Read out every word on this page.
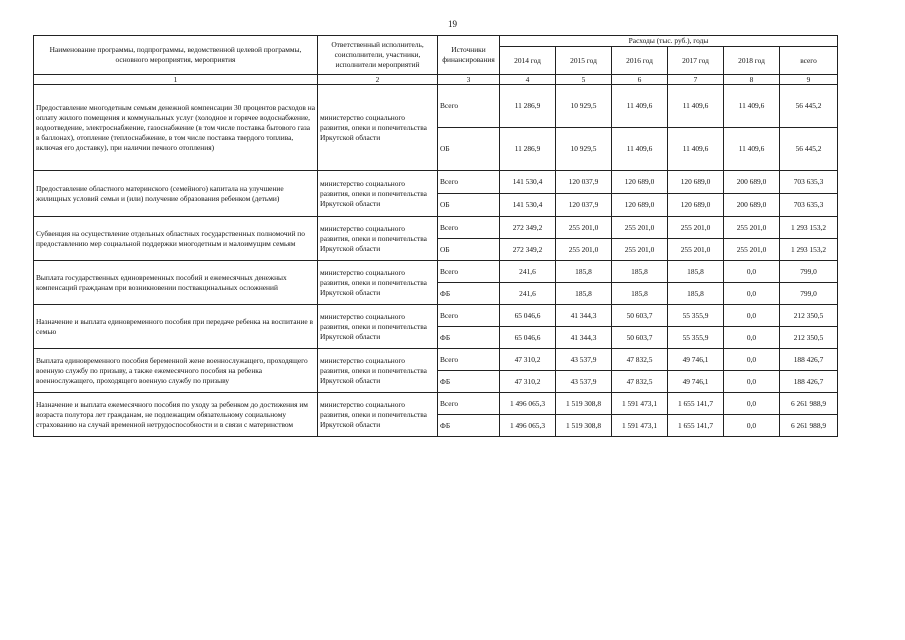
19
Наименование программы, подпрограммы, ведомственной целевой программы, основного мероприятия, мероприятия	Ответственный исполнитель, соисполнители, участники, исполнители мероприятий	Источники финансирования	Расходы (тыс. руб.), годы					
			2014 год	2015 год	2016 год	2017 год	2018 год	всего
1	2	3	4	5	6	7	8	9
Предоставление многодетным семьям денежной компенсации 30 процентов расходов на оплату жилого помещения и коммунальных услуг (холодное и горячее водоснабжение, водоотведение, электроснабжение, газоснабжение (в том числе поставка бытового газа в баллонах), отопление (теплоснабжение, в том числе поставка твердого топлива, включая его доставку), при наличии печного отопления)	министерство социального развития, опеки и попечительства Иркутской области	Всего	11 286,9	10 929,5	11 409,6	11 409,6	11 409,6	56 445,2
		ОБ	11 286,9	10 929,5	11 409,6	11 409,6	11 409,6	56 445,2
Предоставление областного материнского (семейного) капитала на улучшение жилищных условий семьи и (или) получение образования ребенком (детьми)	министерство социального развития, опеки и попечительства Иркутской области	Всего	141 530,4	120 037,9	120 689,0	120 689,0	200 689,0	703 635,3
		ОБ	141 530,4	120 037,9	120 689,0	120 689,0	200 689,0	703 635,3
Субвенция на осуществление отдельных областных государственных полномочий по предоставлению мер социальной поддержки многодетным и малоимущим семьям	министерство социального развития, опеки и попечительства Иркутской области	Всего	272 349,2	255 201,0	255 201,0	255 201,0	255 201,0	1 293 153,2
		ОБ	272 349,2	255 201,0	255 201,0	255 201,0	255 201,0	1 293 153,2
Выплата государственных единовременных пособий и ежемесячных денежных компенсаций гражданам при возникновении поствакцинальных осложнений	министерство социального развития, опеки и попечительства Иркутской области	Всего	241,6	185,8	185,8	185,8	0,0	799,0
		ФБ	241,6	185,8	185,8	185,8	0,0	799,0
Назначение и выплата единовременного пособия при передаче ребенка на воспитание в семью	министерство социального развития, опеки и попечительства Иркутской области	Всего	65 046,6	41 344,3	50 603,7	55 355,9	0,0	212 350,5
		ФБ	65 046,6	41 344,3	50 603,7	55 355,9	0,0	212 350,5
Выплата единовременного пособия беременной жене военнослужащего, проходящего военную службу по призыву, а также ежемесячного пособия на ребенка военнослужащего, проходящего военную службу по призыву	министерство социального развития, опеки и попечительства Иркутской области	Всего	47 310,2	43 537,9	47 832,5	49 746,1	0,0	188 426,7
		ФБ	47 310,2	43 537,9	47 832,5	49 746,1	0,0	188 426,7
Назначение и выплата ежемесячного пособия по уходу за ребенком до достижения им возраста полутора лет гражданам, не подлежащим обязательному социальному страхованию на случай временной нетрудоспособности и в связи с материнством	министерство социального развития, опеки и попечительства Иркутской области	Всего	1 496 065,3	1 519 308,8	1 591 473,1	1 655 141,7	0,0	6 261 988,9
		ФБ	1 496 065,3	1 519 308,8	1 591 473,1	1 655 141,7	0,0	6 261 988,9
